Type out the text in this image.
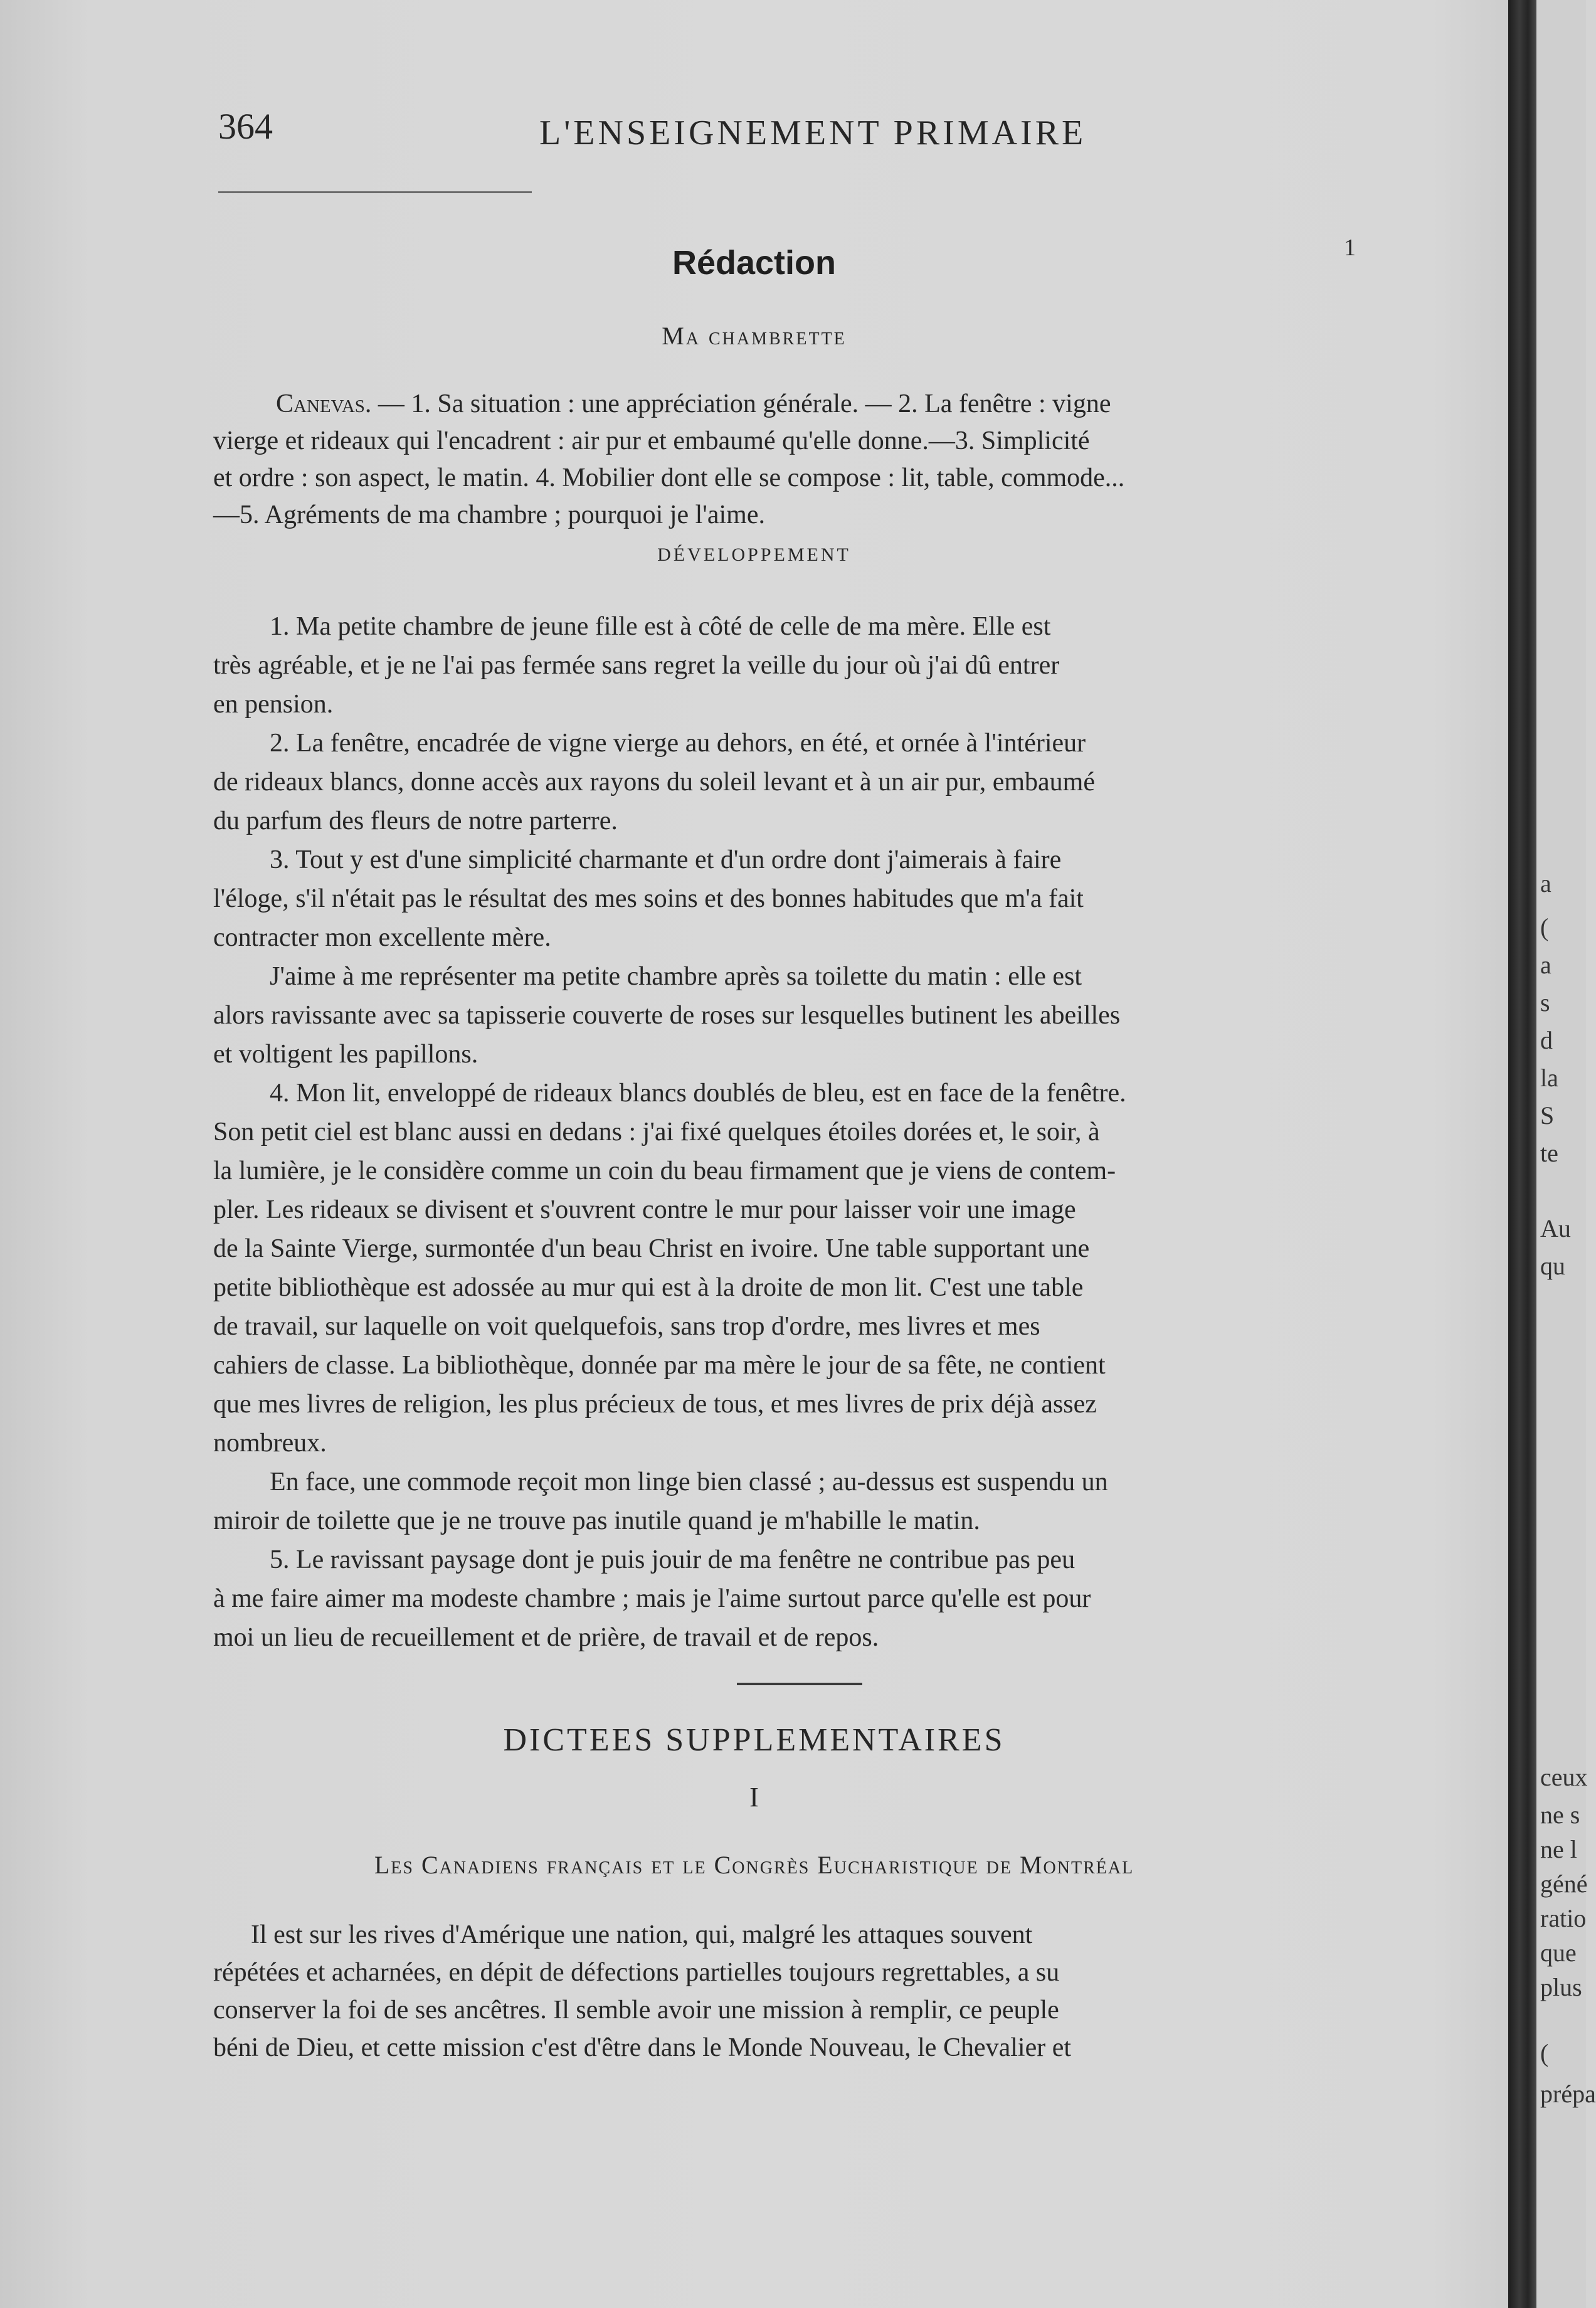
364	L'ENSEIGNEMENT PRIMAIRE
1
Rédaction
Ma chambrette
Canevas. — 1. Sa situation : une appréciation générale. — 2. La fenêtre : vigne
vierge et rideaux qui l'encadrent : air pur et embaumé qu'elle donne.—3. Simplicité
et ordre : son aspect, le matin. 4. Mobilier dont elle se compose : lit, table, commode...
—5. Agréments de ma chambre ; pourquoi je l'aime.
DÉVELOPPEMENT
1. Ma petite chambre de jeune fille est à côté de celle de ma mère. Elle est
très agréable, et je ne l'ai pas fermée sans regret la veille du jour où j'ai dû entrer
en pension.
2. La fenêtre, encadrée de vigne vierge au dehors, en été, et ornée à l'intérieur
de rideaux blancs, donne accès aux rayons du soleil levant et à un air pur, embaumé
du parfum des fleurs de notre parterre.
3. Tout y est d'une simplicité charmante et d'un ordre dont j'aimerais à faire
l'éloge, s'il n'était pas le résultat des mes soins et des bonnes habitudes que m'a fait
contracter mon excellente mère.
J'aime à me représenter ma petite chambre après sa toilette du matin : elle est
alors ravissante avec sa tapisserie couverte de roses sur lesquelles butinent les abeilles
et voltigent les papillons.
4. Mon lit, enveloppé de rideaux blancs doublés de bleu, est en face de la fenêtre.
Son petit ciel est blanc aussi en dedans : j'ai fixé quelques étoiles dorées et, le soir, à
la lumière, je le considère comme un coin du beau firmament que je viens de contem-
pler. Les rideaux se divisent et s'ouvrent contre le mur pour laisser voir une image
de la Sainte Vierge, surmontée d'un beau Christ en ivoire. Une table supportant une
petite bibliothèque est adossée au mur qui est à la droite de mon lit. C'est une table
de travail, sur laquelle on voit quelquefois, sans trop d'ordre, mes livres et mes
cahiers de classe. La bibliothèque, donnée par ma mère le jour de sa fête, ne contient
que mes livres de religion, les plus précieux de tous, et mes livres de prix déjà assez
nombreux.
En face, une commode reçoit mon linge bien classé ; au-dessus est suspendu un
miroir de toilette que je ne trouve pas inutile quand je m'habille le matin.
5. Le ravissant paysage dont je puis jouir de ma fenêtre ne contribue pas peu
à me faire aimer ma modeste chambre ; mais je l'aime surtout parce qu'elle est pour
moi un lieu de recueillement et de prière, de travail et de repos.
DICTEES SUPPLEMENTAIRES
I
Les Canadiens français et le Congrès Eucharistique de Montréal
Il est sur les rives d'Amérique une nation, qui, malgré les attaques souvent
répétées et acharnées, en dépit de défections partielles toujours regrettables, a su
conserver la foi de ses ancêtres. Il semble avoir une mission à remplir, ce peuple
béni de Dieu, et cette mission c'est d'être dans le Monde Nouveau, le Chevalier et
a
(
a
s
d
la
S
te
Au
qu
ceux
ne s
ne l
géné
ratio
que
plus
(
prépa
